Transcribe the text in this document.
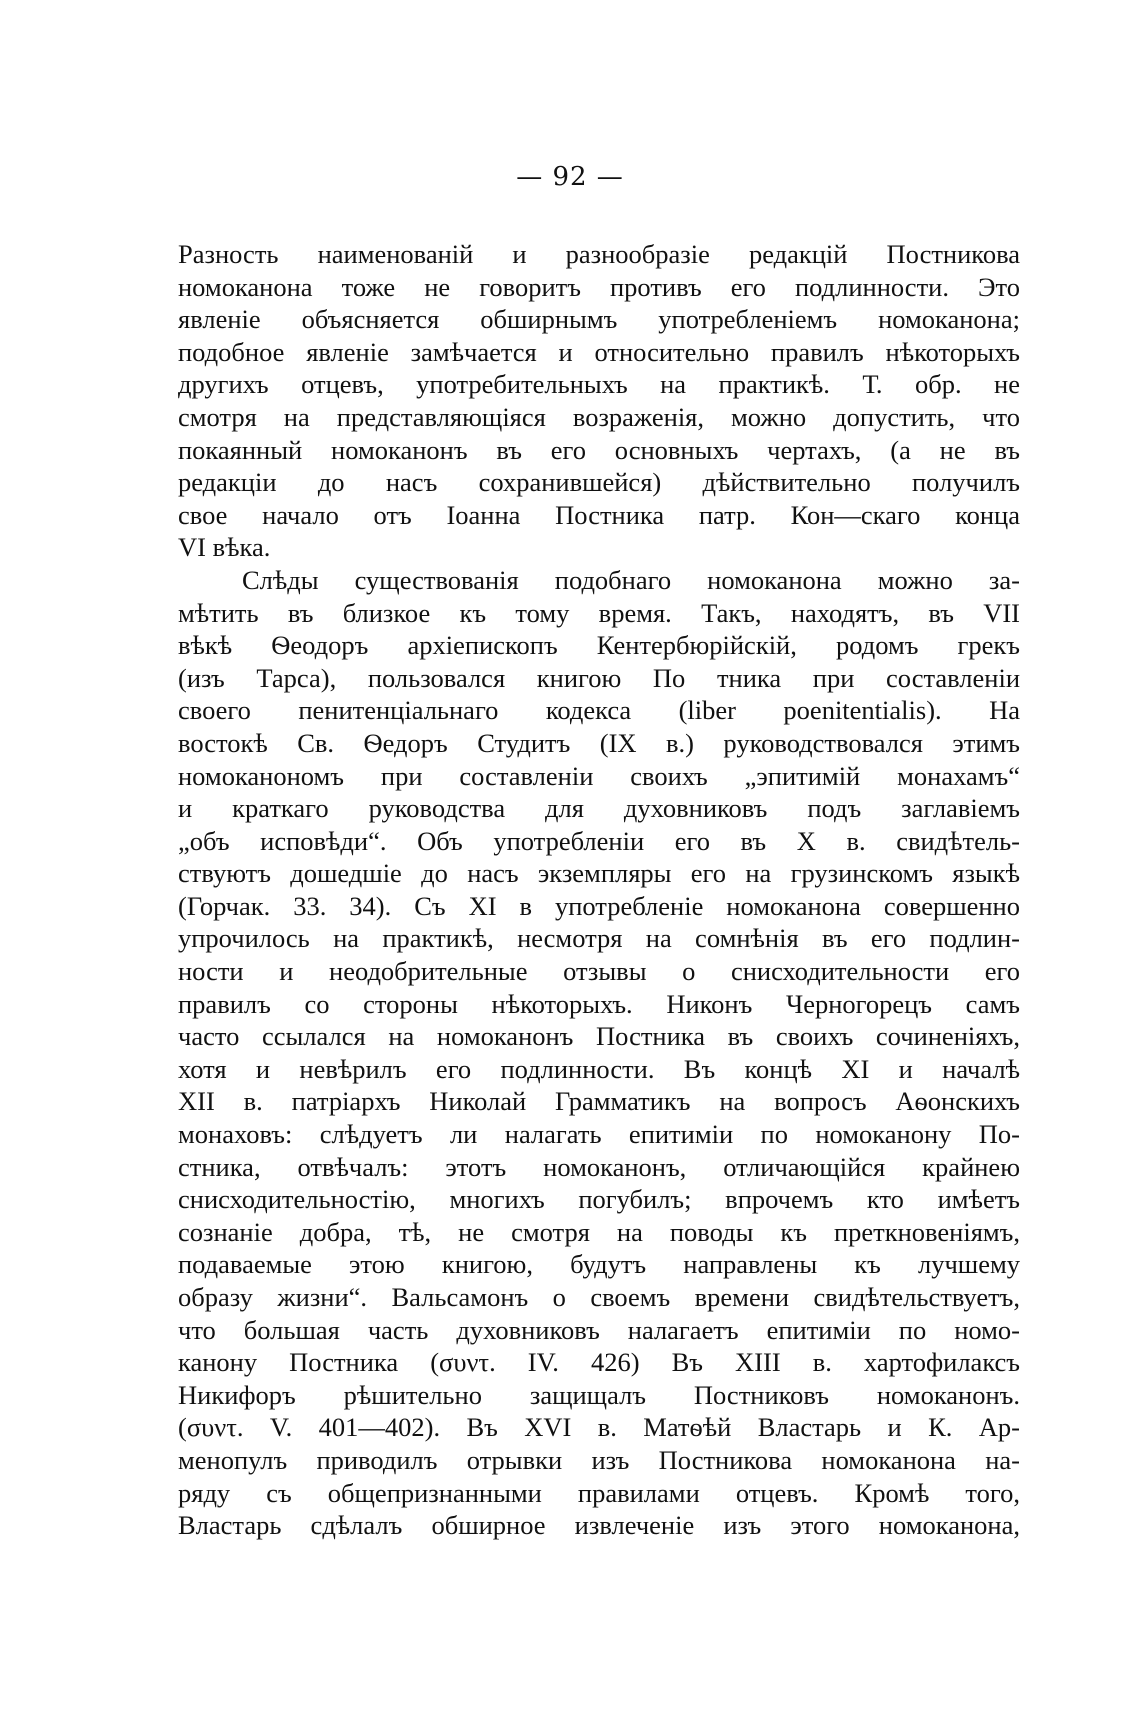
— 92 —
Разность наименованій и разнообразіе редакцій Постникова
номоканона тоже не говоритъ противъ его подлинности. Это
явленіе объясняется обширнымъ употребленіемъ номоканона;
подобное явленіе замѣчается и относительно правилъ нѣкоторыхъ
другихъ отцевъ, употребительныхъ на практикѣ. Т. обр. не
смотря на представляющіяся возраженія, можно допустить, что
покаянный номоканонъ въ его основныхъ чертахъ, (а не въ
редакціи до насъ сохранившейся) дѣйствительно получилъ
свое начало отъ Іоанна Постника патр. Кон—скаго конца
VI вѣка.
Слѣды существованія подобнаго номоканона можно за-
мѣтить въ близкое къ тому время. Такъ, находятъ, въ VII
вѣкѣ Ѳеодоръ архіепископъ Кентербюрійскій, родомъ грекъ
(изъ Тарса), пользовался книгою По тника при составленіи
своего пенитенціальнаго кодекса (liber poenitentialis). На
востокѣ Св. Ѳедоръ Студитъ (IX в.) руководствовался этимъ
номоканономъ при составленіи своихъ „эпитимій монахамъ“
и краткаго руководства для духовниковъ подъ заглавіемъ
„объ исповѣди“. Объ употребленіи его въ X в. свидѣтель-
ствуютъ дошедшіе до насъ экземпляры его на грузинскомъ языкѣ
(Горчак. 33. 34). Съ XI в употребленіе номоканона совершенно
упрочилось на практикѣ, несмотря на сомнѣнія въ его подлин-
ности и неодобрительные отзывы о снисходительности его
правилъ со стороны нѣкоторыхъ. Никонъ Черногорецъ самъ
часто ссылался на номоканонъ Постника въ своихъ сочиненіяхъ,
хотя и невѣрилъ его подлинности. Въ концѣ XI и началѣ
XII в. патріархъ Николай Грамматикъ на вопросъ Аѳонскихъ
монаховъ: слѣдуетъ ли налагать епитиміи по номоканону По-
стника, отвѣчалъ: этотъ номоканонъ, отличающійся крайнею
снисходительностію, многихъ погубилъ; впрочемъ кто имѣетъ
сознаніе добра, тѣ, не смотря на поводы къ преткновеніямъ,
подаваемые этою книгою, будутъ направлены къ лучшему
образу жизни“. Вальсамонъ о своемъ времени свидѣтельствуетъ,
что большая часть духовниковъ налагаетъ епитиміи по номо-
канону Постника (συντ. IV. 426) Въ XIII в. хартофилаксъ
Никифоръ рѣшительно защищалъ Постниковъ номоканонъ.
(συντ. V. 401—402). Въ XVI в. Матѳѣй Властарь и К. Ар-
менопулъ приводилъ отрывки изъ Постникова номоканона на-
ряду съ общепризнанными правилами отцевъ. Кромѣ того,
Властарь сдѣлалъ обширное извлеченіе изъ этого номоканона,
